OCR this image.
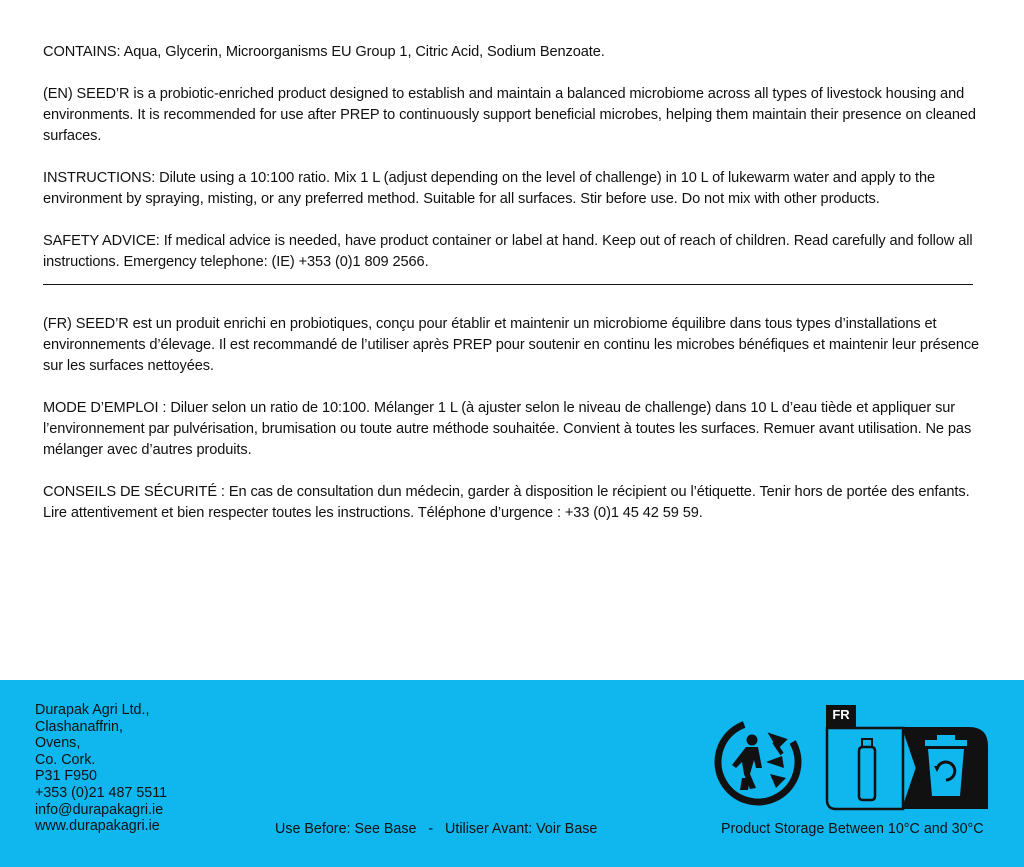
CONTAINS: Aqua, Glycerin, Microorganisms EU Group 1, Citric Acid, Sodium Benzoate.

(EN) SEED’R is a probiotic-enriched product designed to establish and maintain a balanced microbiome across all types of livestock housing and environments. It is recommended for use after PREP to continuously support beneficial microbes, helping them maintain their presence on cleaned surfaces.

INSTRUCTIONS: Dilute using a 10:100 ratio. Mix 1 L (adjust depending on the level of challenge) in 10 L of lukewarm water and apply to the environment by spraying, misting, or any preferred method. Suitable for all surfaces. Stir before use. Do not mix with other products.

SAFETY ADVICE: If medical advice is needed, have product container or label at hand. Keep out of reach of children. Read carefully and follow all instructions. Emergency telephone: (IE) +353 (0)1 809 2566.

(FR) SEED’R est un produit enrichi en probiotiques, conçu pour établir et maintenir un microbiome équilibre dans tous types d’installations et environnements d’élevage. Il est recommandé de l’utiliser après PREP pour soutenir en continu les microbes bénéfiques et maintenir leur présence sur les surfaces nettoyées.

MODE D’EMPLOI : Diluer selon un ratio de 10:100. Mélanger 1 L (à ajuster selon le niveau de challenge) dans 10 L d’eau tiède et appliquer sur l’environnement par pulvérisation, brumisation ou toute autre méthode souhaitée. Convient à toutes les surfaces. Remuer avant utilisation. Ne pas mélanger avec d’autres produits.

CONSEILS DE SÉCURITÉ : En cas de consultation dun médecin, garder à disposition le récipient ou l’étiquette. Tenir hors de portée des enfants. Lire attentivement et bien respecter toutes les instructions. Téléphone d’urgence : +33 (0)1 45 42 59 59.

Durapak Agri Ltd.,
Clashanaffrin,
Ovens,
Co. Cork.
P31 F950
+353 (0)21 487 5511
info@durapakagri.ie
www.durapakagri.ie
FR
Use Before: See Base   -   Utiliser Avant: Voir Base	Product Storage Between 10°C and 30°C
